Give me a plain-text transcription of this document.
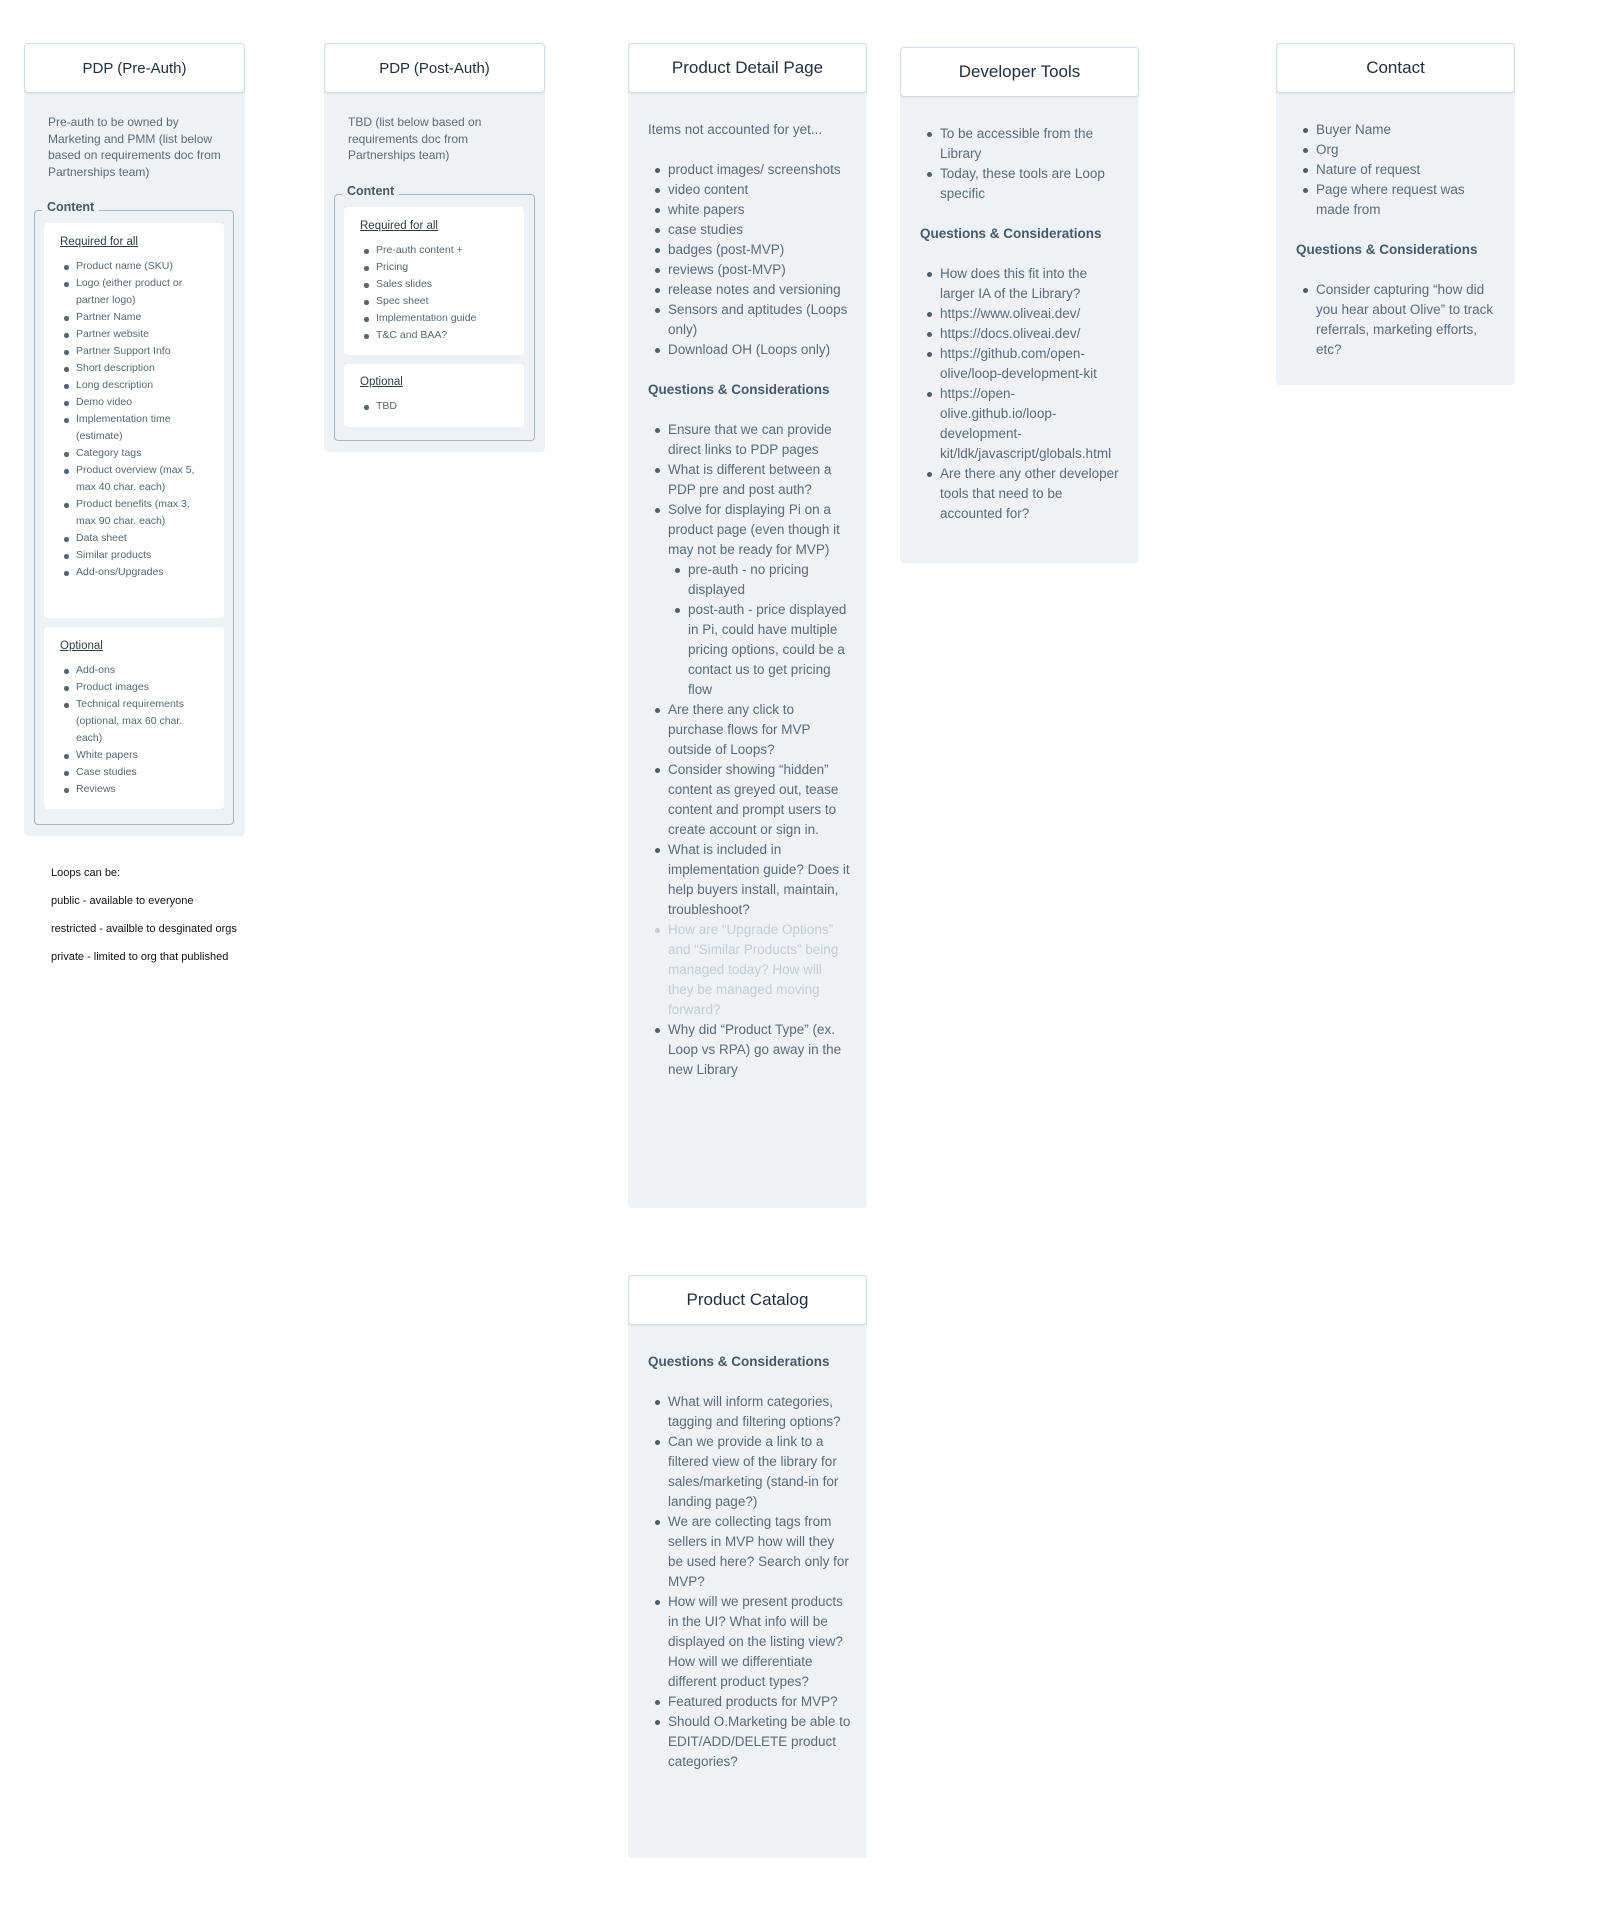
PDP (Pre-Auth)
Pre-auth to be owned by Marketing and PMM (list below based on requirements doc from Partnerships team)
Content
Required for all
Product name (SKU)
Logo (either product or partner logo)
Partner Name
Partner website
Partner Support Info
Short description
Long description
Demo video
Implementation time (estimate)
Category tags
Product overview (max 5, max 40 char. each)
Product benefits (max 3, max 90 char. each)
Data sheet
Similar products
Add-ons/Upgrades
Optional
Add-ons
Product images
Technical requirements (optional, max 60 char. each)
White papers
Case studies
Reviews
Loops can be:
public - available to everyone
restricted - availble to desginated orgs
private - limited to org that published
PDP (Post-Auth)
TBD (list below based on requirements doc from Partnerships team)
Content
Required for all
Pre-auth content +
Pricing
Sales slides
Spec sheet
Implementation guide
T&C and BAA?
Optional
TBD
Product Detail Page
Items not accounted for yet...
product images/ screenshots
video content
white papers
case studies
badges (post-MVP)
reviews (post-MVP)
release notes and versioning
Sensors and aptitudes (Loops only)
Download OH (Loops only)
Questions & Considerations
Ensure that we can provide direct links to PDP pages
What is different between a PDP pre and post auth?
Solve for displaying Pi on a product page (even though it may not be ready for MVP)
pre-auth - no pricing displayed
post-auth - price displayed in Pi, could have multiple pricing options, could be a contact us to get pricing flow
Are there any click to purchase flows for MVP outside of Loops?
Consider showing “hidden” content as greyed out, tease content and prompt users to create account or sign in.
What is included in implementation guide? Does it help buyers install, maintain, troubleshoot?
How are “Upgrade Options” and “Similar Products” being managed today? How will they be managed moving forward?
Why did “Product Type” (ex. Loop vs RPA) go away in the new Library
Developer Tools
To be accessible from the Library
Today, these tools are Loop specific
Questions & Considerations
How does this fit into the larger IA of the Library?
https://www.oliveai.dev/
https://docs.oliveai.dev/
https://github.com/open-olive/loop-development-kit
https://open-olive.github.io/loop-development-kit/ldk/javascript/globals.html
Are there any other developer tools that need to be accounted for?
Contact
Buyer Name
Org
Nature of request
Page where request was made from
Questions & Considerations
Consider capturing “how did you hear about Olive” to track referrals, marketing efforts, etc?
Product Catalog
Questions & Considerations
What will inform categories, tagging and filtering options?
Can we provide a link to a filtered view of the library for sales/marketing (stand-in for landing page?)
We are collecting tags from sellers in MVP how will they be used here? Search only for MVP?
How will we present products in the UI? What info will be displayed on the listing view? How will we differentiate different product types?
Featured products for MVP?
Should O.Marketing be able to EDIT/ADD/DELETE product categories?
